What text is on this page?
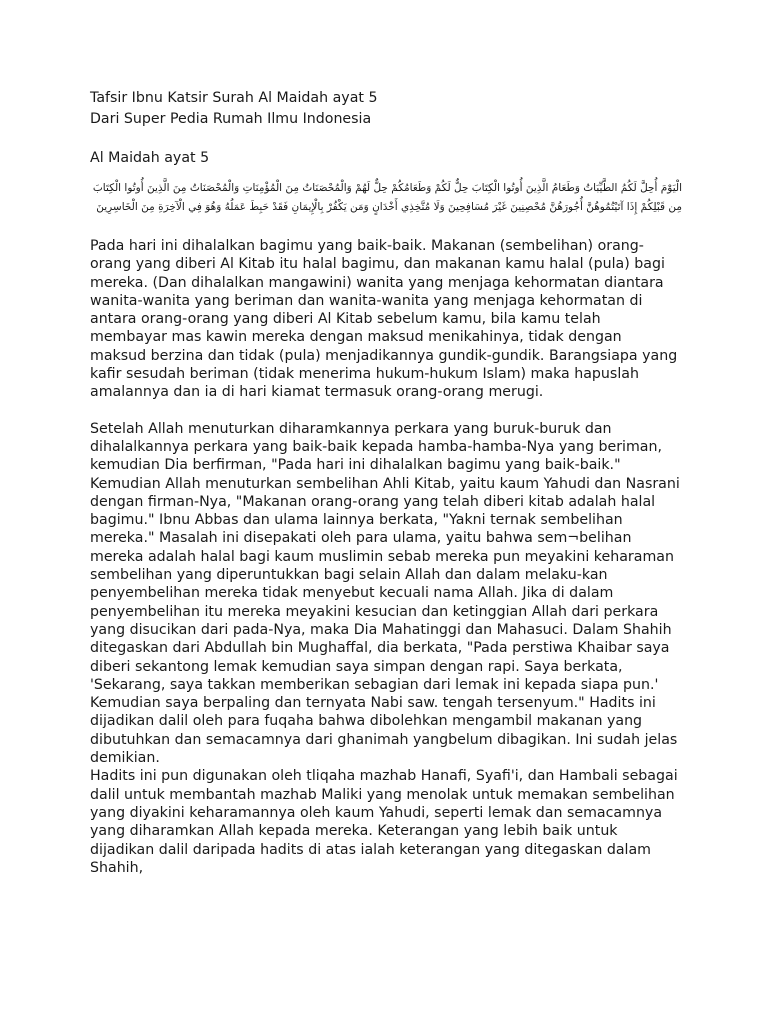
Tafsir Ibnu Katsir Surah Al Maidah ayat 5

Dari Super Pedia Rumah Ilmu Indonesia

Al Maidah ayat 5

الْيَوْمَ أُحِلَّ لَكُمُ الطَّيِّبَاتُ وَطَعَامُ الَّذِينَ أُوتُوا الْكِتَابَ حِلٌّ لَكُمْ وَطَعَامُكُمْ حِلٌّ لَهُمْ وَالْمُحْصَنَاتُ مِنَ الْمُؤْمِنَاتِ وَالْمُحْصَنَاتُ مِنَ الَّذِينَ أُوتُوا الْكِتَابَ مِن قَبْلِكُمْ إِذَا آتَيْتُمُوهُنَّ أُجُورَهُنَّ مُحْصِنِينَ غَيْرَ مُسَافِحِينَ وَلَا مُتَّخِذِي أَخْدَانٍ وَمَن يَكْفُرْ بِالْإِيمَانِ فَقَدْ حَبِطَ عَمَلُهُ وَهُوَ فِي الْآخِرَةِ مِنَ الْخَاسِرِينَ

Pada hari ini dihalalkan bagimu yang baik-baik. Makanan (sembelihan) orang-orang yang diberi Al Kitab itu halal bagimu, dan makanan kamu halal (pula) bagi mereka. (Dan dihalalkan mangawini) wanita yang menjaga kehormatan diantara wanita-wanita yang beriman dan wanita-wanita yang menjaga kehormatan di antara orang-orang yang diberi Al Kitab sebelum kamu, bila kamu telah membayar mas kawin mereka dengan maksud menikahinya, tidak dengan maksud berzina dan tidak (pula) menjadikannya gundik-gundik. Barangsiapa yang kafir sesudah beriman (tidak menerima hukum-hukum Islam) maka hapuslah amalannya dan ia di hari kiamat termasuk orang-orang merugi.

Setelah Allah menuturkan diharamkannya perkara yang buruk-buruk dan dihalalkannya perkara yang baik-baik kepada hamba-hamba-Nya yang beriman, kemudian Dia berfirman, "Pada hari ini dihalalkan bagimu yang baik-baik." Kemudian Allah menuturkan sembelihan Ahli Kitab, yaitu kaum Yahudi dan Nasrani dengan firman-Nya, "Makanan orang-orang yang telah diberi kitab adalah halal bagimu." Ibnu Abbas dan ulama lainnya berkata, "Yakni ternak sembelihan mereka." Masalah ini disepakati oleh para ulama, yaitu bahwa sem¬belihan mereka adalah halal bagi kaum muslimin sebab mereka pun meyakini keharaman sembelihan yang diperuntukkan bagi selain Allah dan dalam melaku-kan penyembelihan mereka tidak menyebut kecuali nama Allah. Jika di dalam penyembelihan itu mereka meyakini kesucian dan ketinggian Allah dari perkara yang disucikan dari pada-Nya, maka Dia Mahatinggi dan Mahasuci. Dalam Shahih ditegaskan dari Abdullah bin Mughaffal, dia berkata, "Pada perstiwa Khaibar saya diberi sekantong lemak kemudian saya simpan dengan rapi. Saya berkata, 'Sekarang, saya takkan memberikan sebagian dari lemak ini kepada siapa pun.' Kemudian saya berpaling dan ternyata Nabi saw. tengah tersenyum." Hadits ini dijadikan dalil oleh para fuqaha bahwa dibolehkan mengambil makanan yang dibutuhkan dan semacamnya dari ghanimah yangbelum dibagikan. Ini sudah jelas demikian.

Hadits ini pun digunakan oleh tliqaha mazhab Hanafi, Syafi'i, dan Hambali sebagai dalil untuk membantah mazhab Maliki yang menolak untuk memakan sembelihan yang diyakini keharamannya oleh kaum Yahudi, seperti lemak dan semacamnya yang diharamkan Allah kepada mereka. Keterangan yang lebih baik untuk dijadikan dalil daripada hadits di atas ialah keterangan yang ditegaskan dalam Shahih,
